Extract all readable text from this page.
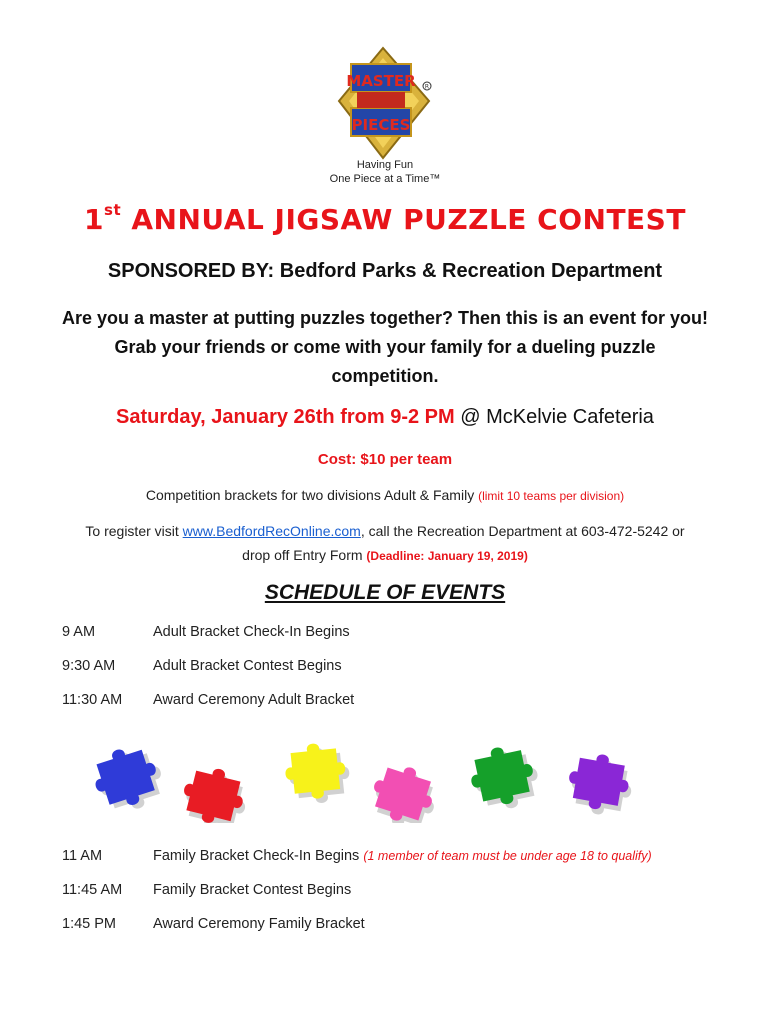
MASTER
PIECES
R
Having Fun
One Piece at a Time™
1st ANNUAL JIGSAW PUZZLE CONTEST
SPONSORED BY: Bedford Parks & Recreation Department
Are you a master at putting puzzles together? Then this is an event for you! Grab your friends or come with your family for a dueling puzzle competition.
Saturday, January 26th from 9-2 PM @ McKelvie Cafeteria
Cost: $10 per team
Competition brackets for two divisions Adult & Family (limit 10 teams per division)
To register visit www.BedfordRecOnline.com, call the Recreation Department at 603-472-5242 or drop off Entry Form (Deadline: January 19, 2019)
SCHEDULE OF EVENTS
9 AM	Adult Bracket Check-In Begins
9:30 AM	Adult Bracket Contest Begins
11:30 AM Award Ceremony Adult Bracket
11 AM	Family Bracket Check-In Begins (1 member of team must be under age 18 to qualify)
11:45 AM Family Bracket Contest Begins
1:45 PM	Award Ceremony Family Bracket
